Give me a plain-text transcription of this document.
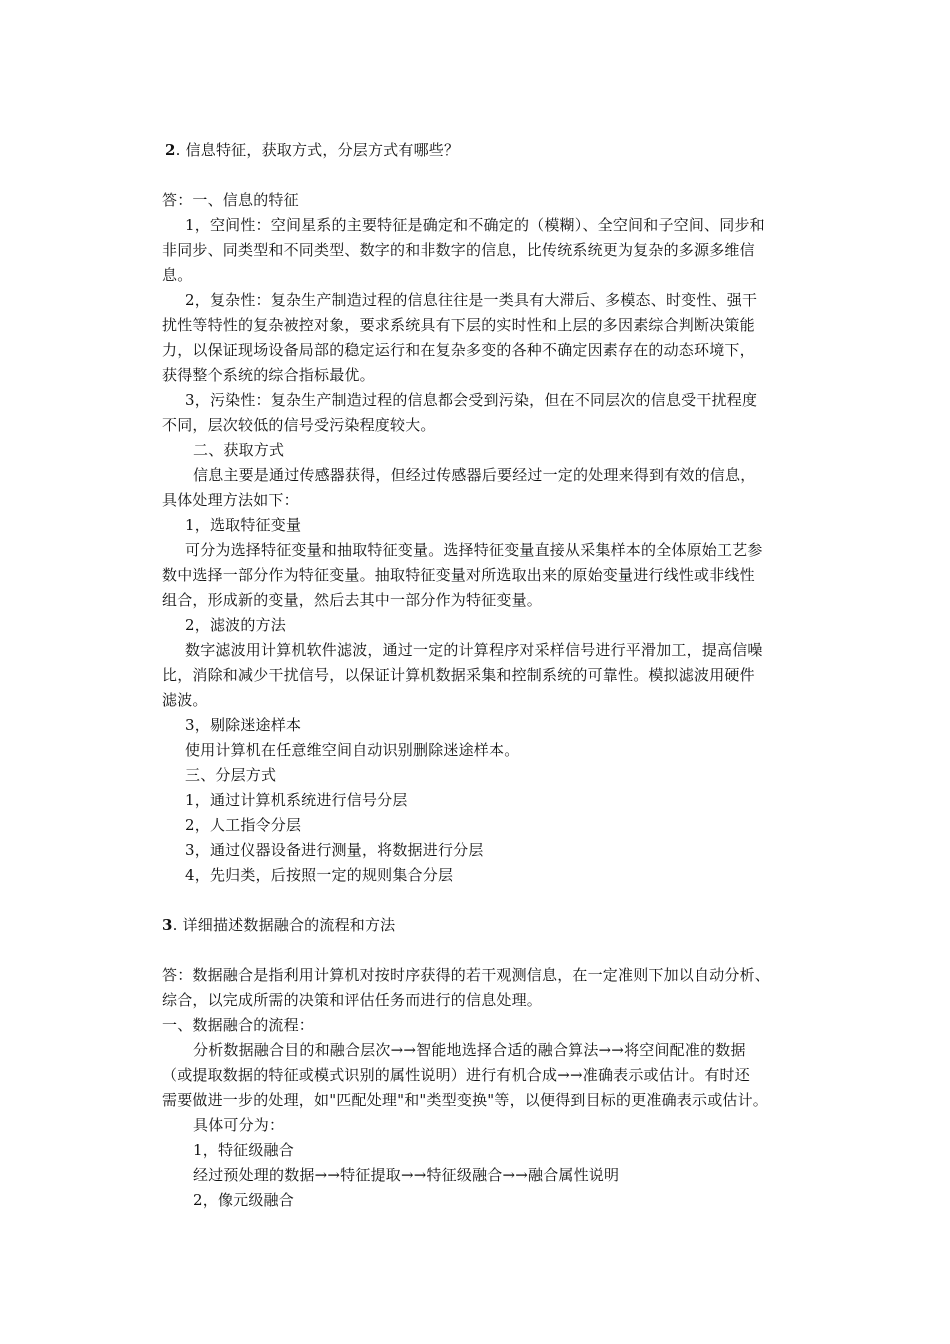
2. 信息特征，获取方式，分层方式有哪些？
答：一、信息的特征
1，空间性：空间星系的主要特征是确定和不确定的（模糊）、全空间和子空间、同步和
非同步、同类型和不同类型、数字的和非数字的信息，比传统系统更为复杂的多源多维信
息。
2，复杂性：复杂生产制造过程的信息往往是一类具有大滞后、多模态、时变性、强干
扰性等特性的复杂被控对象，要求系统具有下层的实时性和上层的多因素综合判断决策能
力，以保证现场设备局部的稳定运行和在复杂多变的各种不确定因素存在的动态环境下，
获得整个系统的综合指标最优。
3，污染性：复杂生产制造过程的信息都会受到污染，但在不同层次的信息受干扰程度
不同，层次较低的信号受污染程度较大。
二、获取方式
信息主要是通过传感器获得，但经过传感器后要经过一定的处理来得到有效的信息，
具体处理方法如下：
1，选取特征变量
可分为选择特征变量和抽取特征变量。选择特征变量直接从采集样本的全体原始工艺参
数中选择一部分作为特征变量。抽取特征变量对所选取出来的原始变量进行线性或非线性
组合，形成新的变量，然后去其中一部分作为特征变量。
2，滤波的方法
数字滤波用计算机软件滤波，通过一定的计算程序对采样信号进行平滑加工，提高信噪
比，消除和减少干扰信号，以保证计算机数据采集和控制系统的可靠性。模拟滤波用硬件
滤波。
3，剔除迷途样本
使用计算机在任意维空间自动识别删除迷途样本。
三、分层方式
1，通过计算机系统进行信号分层
2，人工指令分层
3，通过仪器设备进行测量，将数据进行分层
4，先归类，后按照一定的规则集合分层
3. 详细描述数据融合的流程和方法
答：数据融合是指利用计算机对按时序获得的若干观测信息，在一定准则下加以自动分析、
综合，以完成所需的决策和评估任务而进行的信息处理。
一、数据融合的流程：
分析数据融合目的和融合层次→→智能地选择合适的融合算法→→将空间配准的数据
（或提取数据的特征或模式识别的属性说明）进行有机合成→→准确表示或估计。有时还
需要做进一步的处理，如"匹配处理"和"类型变换"等，以便得到目标的更准确表示或估计。
具体可分为：
1，特征级融合
经过预处理的数据→→特征提取→→特征级融合→→融合属性说明
2，像元级融合
